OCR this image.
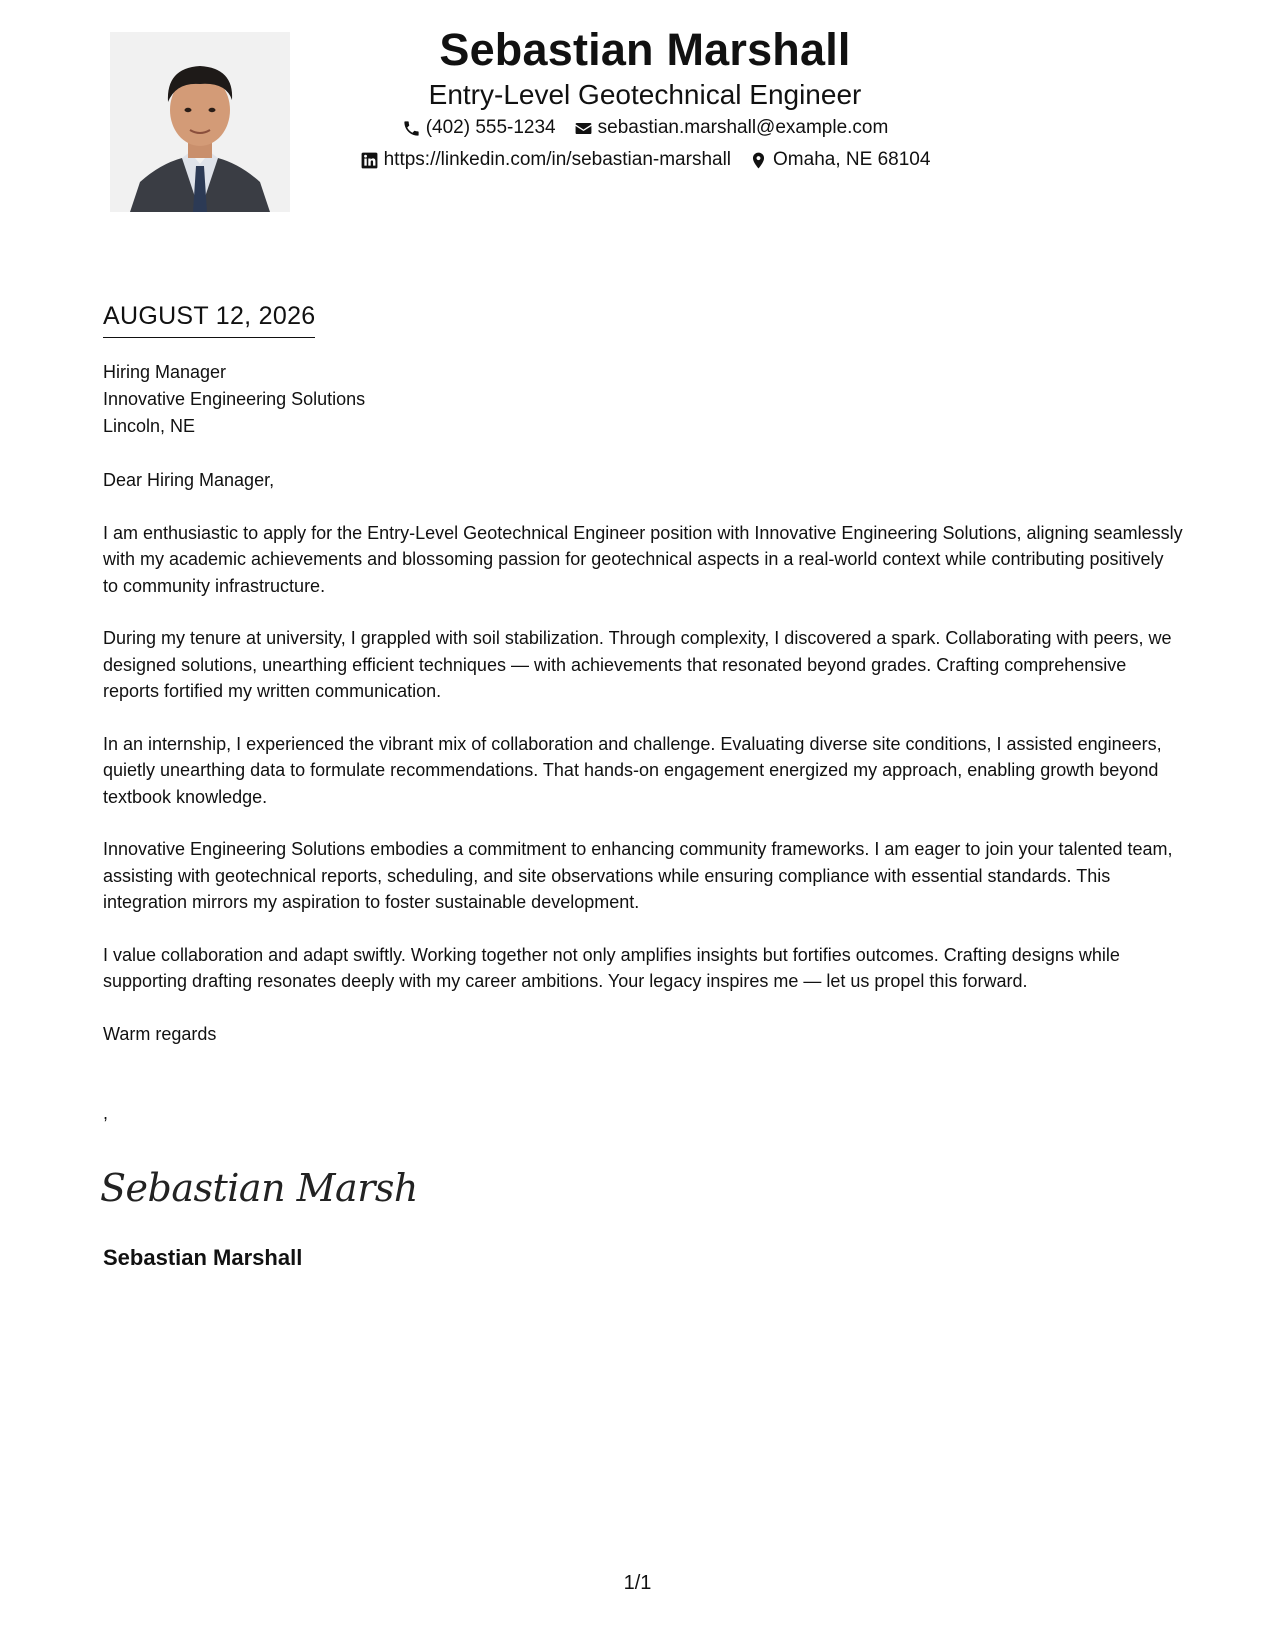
Sebastian Marshall
Entry-Level Geotechnical Engineer
(402) 555-1234 sebastian.marshall@example.com
https://linkedin.com/in/sebastian-marshall Omaha, NE 68104
AUGUST 12, 2026
Hiring Manager
Innovative Engineering Solutions
Lincoln, NE

Dear Hiring Manager,

I am enthusiastic to apply for the Entry-Level Geotechnical Engineer position with Innovative Engineering Solutions, aligning seamlessly with my academic achievements and blossoming passion for geotechnical aspects in a real-world context while contributing positively to community infrastructure.

During my tenure at university, I grappled with soil stabilization. Through complexity, I discovered a spark. Collaborating with peers, we designed solutions, unearthing efficient techniques — with achievements that resonated beyond grades. Crafting comprehensive reports fortified my written communication.

In an internship, I experienced the vibrant mix of collaboration and challenge. Evaluating diverse site conditions, I assisted engineers, quietly unearthing data to formulate recommendations. That hands-on engagement energized my approach, enabling growth beyond textbook knowledge.

Innovative Engineering Solutions embodies a commitment to enhancing community frameworks. I am eager to join your talented team, assisting with geotechnical reports, scheduling, and site observations while ensuring compliance with essential standards. This integration mirrors my aspiration to foster sustainable development.

I value collaboration and adapt swiftly. Working together not only amplifies insights but fortifies outcomes. Crafting designs while supporting drafting resonates deeply with my career ambitions. Your legacy inspires me — let us propel this forward.

Warm regards

,
Sebastian Marsh
Sebastian Marshall
1/1
